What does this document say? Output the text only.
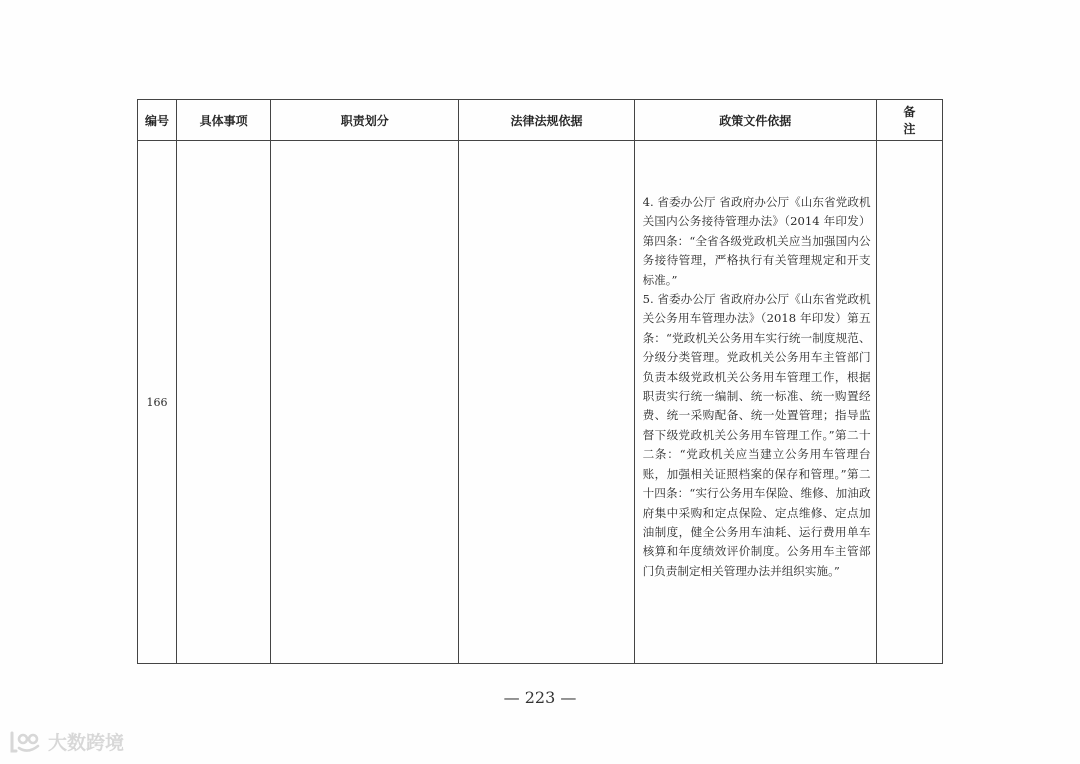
编号	具体事项	职责划分	法律法规依据	政策文件依据	备注
166				4. 省委办公厅 省政府办公厅《山东省党政机关国内公务接待管理办法》（2014 年印发）第四条：“全省各级党政机关应当加强国内公务接待管理，严格执行有关管理规定和开支标准。”

5. 省委办公厅 省政府办公厅《山东省党政机关公务用车管理办法》（2018 年印发）第五条：“党政机关公务用车实行统一制度规范、分级分类管理。党政机关公务用车主管部门负责本级党政机关公务用车管理工作，根据职责实行统一编制、统一标准、统一购置经费、统一采购配备、统一处置管理；指导监督下级党政机关公务用车管理工作。”第二十二条：“党政机关应当建立公务用车管理台账，加强相关证照档案的保存和管理。”第二十四条：“实行公务用车保险、维修、加油政府集中采购和定点保险、定点维修、定点加油制度，健全公务用车油耗、运行费用单车核算和年度绩效评价制度。公务用车主管部门负责制定相关管理办法并组织实施。”	

— 223 —
大数跨境
